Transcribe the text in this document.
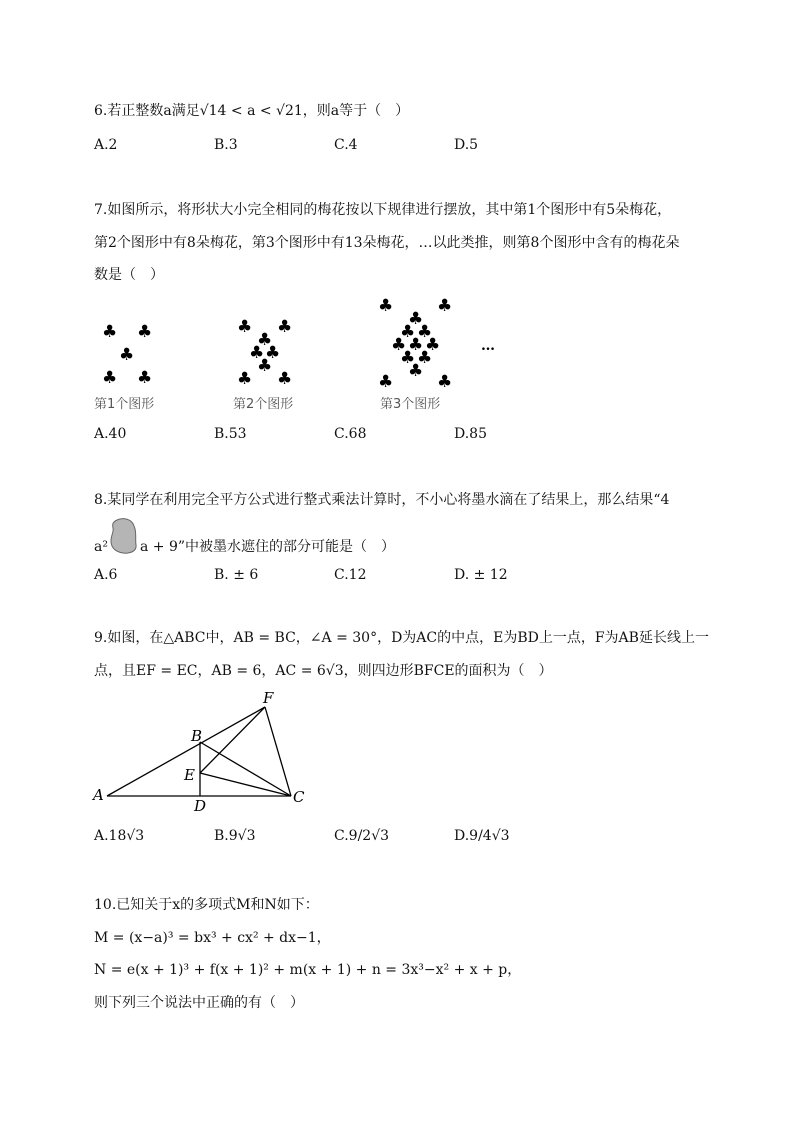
6.若正整数a满足√14 < a < √21，则a等于（　）
A.2	B.3	C.4	D.5
7.如图所示，将形状大小完全相同的梅花按以下规律进行摆放，其中第1个图形中有5朵梅花，
第2个图形中有8朵梅花，第3个图形中有13朵梅花，…以此类推，则第8个图形中含有的梅花朵
数是（　）
♣ ♣
♣
♣ ♣
♣ ♣
♣
♣ ♣
♣
♣ ♣
♣	♣
♣
♣ ♣
♣ ♣ ♣
♣ ♣
♣
♣	♣
…
第1个图形	第2个图形	第3个图形
A.40	B.53	C.68	D.85
8.某同学在利用完全平方公式进行整式乘法计算时，不小心将墨水滴在了结果上，那么结果“4
a² a + 9”中被墨水遮住的部分可能是（　）
A.6	B. ± 6	C.12	D. ± 12
9.如图，在△ABC中，AB = BC，∠A = 30°，D为AC的中点，E为BD上一点，F为AB延长线上一
点，且EF = EC，AB = 6，AC = 6√3，则四边形BFCE的面积为（　）
A
B
C
D
E
F
A.18√3	B.9√3	C.9/2√3	D.9/4√3
10.已知关于x的多项式M和N如下：
M = (x−a)³ = bx³ + cx² + dx−1，
N = e(x + 1)³ + f(x + 1)² + m(x + 1) + n = 3x³−x² + x + p，
则下列三个说法中正确的有（　）
